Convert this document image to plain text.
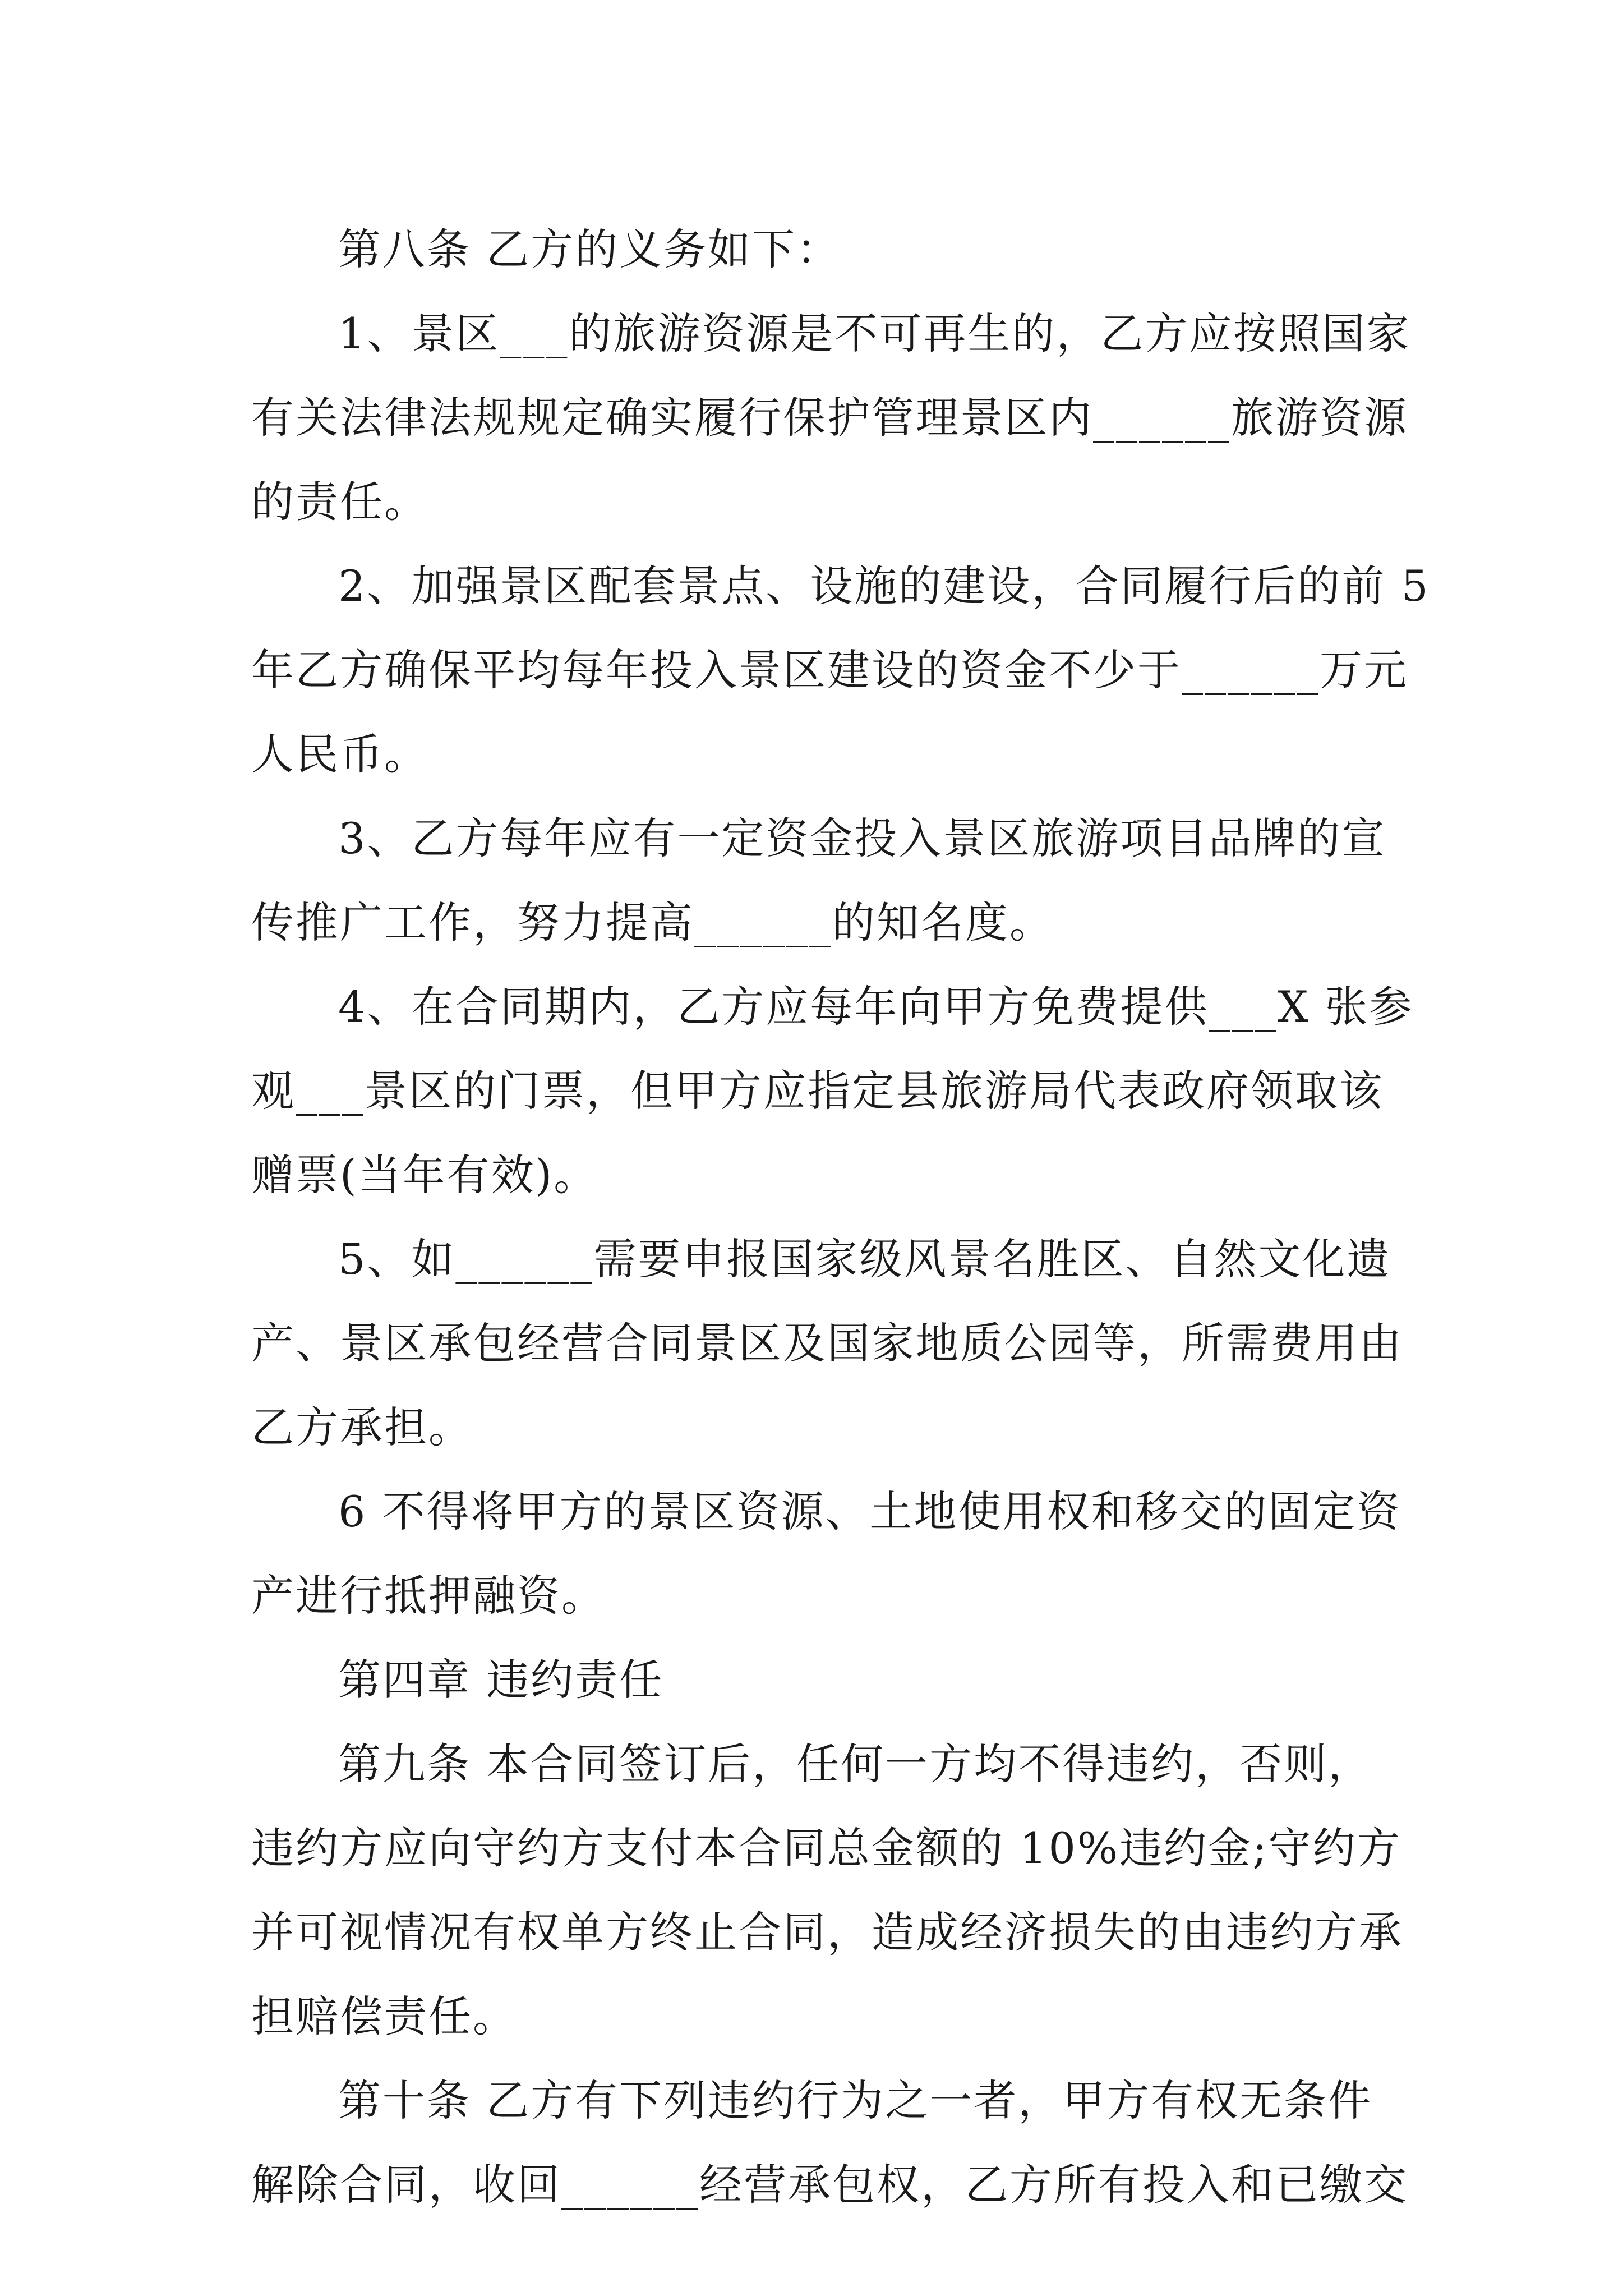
第八条 乙方的义务如下：
1、景区___的旅游资源是不可再生的，乙方应按照国家
有关法律法规规定确实履行保护管理景区内______旅游资源
的责任。
2、加强景区配套景点、设施的建设，合同履行后的前 5
年乙方确保平均每年投入景区建设的资金不少于______万元
人民币。
3、乙方每年应有一定资金投入景区旅游项目品牌的宣
传推广工作，努力提高______的知名度。
4、在合同期内，乙方应每年向甲方免费提供___X 张参
观___景区的门票，但甲方应指定县旅游局代表政府领取该
赠票(当年有效)。
5、如______需要申报国家级风景名胜区、自然文化遗
产、景区承包经营合同景区及国家地质公园等，所需费用由
乙方承担。
6 不得将甲方的景区资源、土地使用权和移交的固定资
产进行抵押融资。
第四章 违约责任
第九条 本合同签订后，任何一方均不得违约，否则，
违约方应向守约方支付本合同总金额的 10%违约金;守约方
并可视情况有权单方终止合同，造成经济损失的由违约方承
担赔偿责任。
第十条 乙方有下列违约行为之一者，甲方有权无条件
解除合同，收回______经营承包权，乙方所有投入和已缴交
